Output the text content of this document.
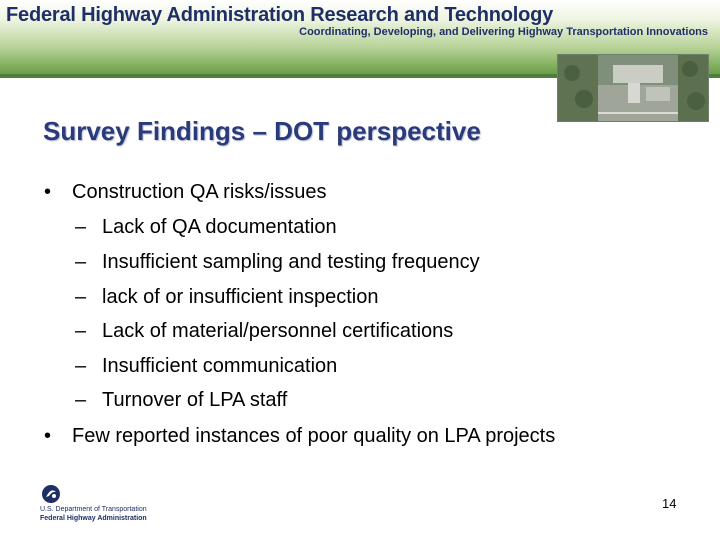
Federal Highway Administration Research and Technology
Coordinating, Developing, and Delivering Highway Transportation Innovations
Survey Findings – DOT perspective
• Construction QA risks/issues
– Lack of QA documentation
– Insufficient sampling and testing frequency
– lack of or insufficient inspection
– Lack of material/personnel certifications
– Insufficient communication
– Turnover of LPA staff
• Few reported instances of poor quality on LPA projects
U.S. Department of Transportation
Federal Highway Administration
14
